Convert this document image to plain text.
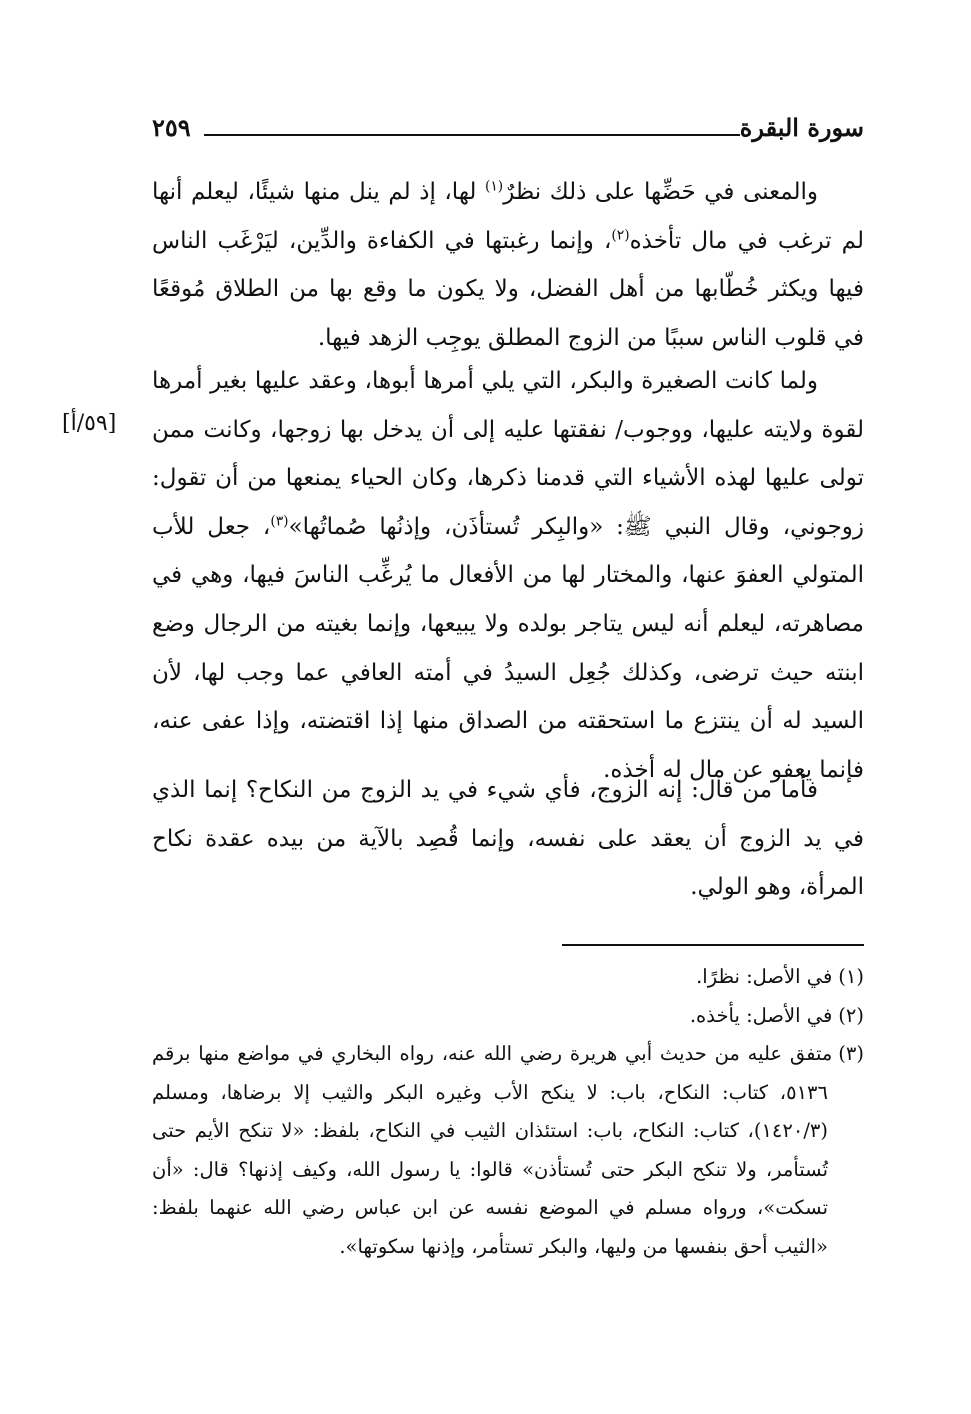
سورة البقرة
٢٥٩

والمعنى في حَضِّها على ذلك نظرٌ$^{(١)}$ لها، إذ لم ينل منها شيئًا، ليعلم أنها لم ترغب في مال تأخذه$^{(٢)}$، وإنما رغبتها في الكفاءة والدِّين، ليَرْغَب الناس فيها ويكثر خُطّابها من أهل الفضل، ولا يكون ما وقع بها من الطلاق مُوقعًا في قلوب الناس سببًا من الزوج المطلق يوجِب الزهد فيها.

ولما كانت الصغيرة والبكر، التي يلي أمرها أبوها، وعقد عليها بغير أمرها لقوة ولايته عليها، ووجوب/ نفقتها عليه إلى أن يدخل بها زوجها، وكانت ممن تولى عليها لهذه الأشياء التي قدمنا ذكرها، وكان الحياء يمنعها من أن تقول: زوجوني، وقال النبي ﷺ: «والبِكر تُستأذَن، وإذنُها صُماتُها»$^{(٣)}$، جعل للأب المتولي العفوَ عنها، والمختار لها من الأفعال ما يُرغِّب الناسَ فيها، وهي في مصاهرته، ليعلم أنه ليس يتاجر بولده ولا يبيعها، وإنما بغيته من الرجال وضع ابنته حيث ترضى، وكذلك جُعِل السيدُ في أمته العافي عما وجب لها، لأن السيد له أن ينتزع ما استحقته من الصداق منها إذا اقتضته، وإذا عفى عنه، فإنما يعفو عن مال له أخذه.

[٥٩/أ]

فأما من قال: إنه الزوج، فأي شيء في يد الزوج من النكاح؟ إنما الذي في يد الزوج أن يعقد على نفسه، وإنما قُصِد بالآية من بيده عقدة نكاح المرأة، وهو الولي.

(١)في الأصل: نظرًا.

(٢)في الأصل: يأخذه.

(٣)متفق عليه من حديث أبي هريرة رضي الله عنه، رواه البخاري في مواضع منها برقم ٥١٣٦، كتاب: النكاح، باب: لا ينكح الأب وغيره البكر والثيب إلا برضاها، ومسلم (١٤٢٠/٣)، كتاب: النكاح، باب: استئذان الثيب في النكاح، بلفظ: «لا تنكح الأيم حتى تُستأمر، ولا تنكح البكر حتى تُستأذن» قالوا: يا رسول الله، وكيف إذنها؟ قال: «أن تسكت»، ورواه مسلم في الموضع نفسه عن ابن عباس رضي الله عنهما بلفظ: «الثيب أحق بنفسها من وليها، والبكر تستأمر، وإذنها سكوتها».
